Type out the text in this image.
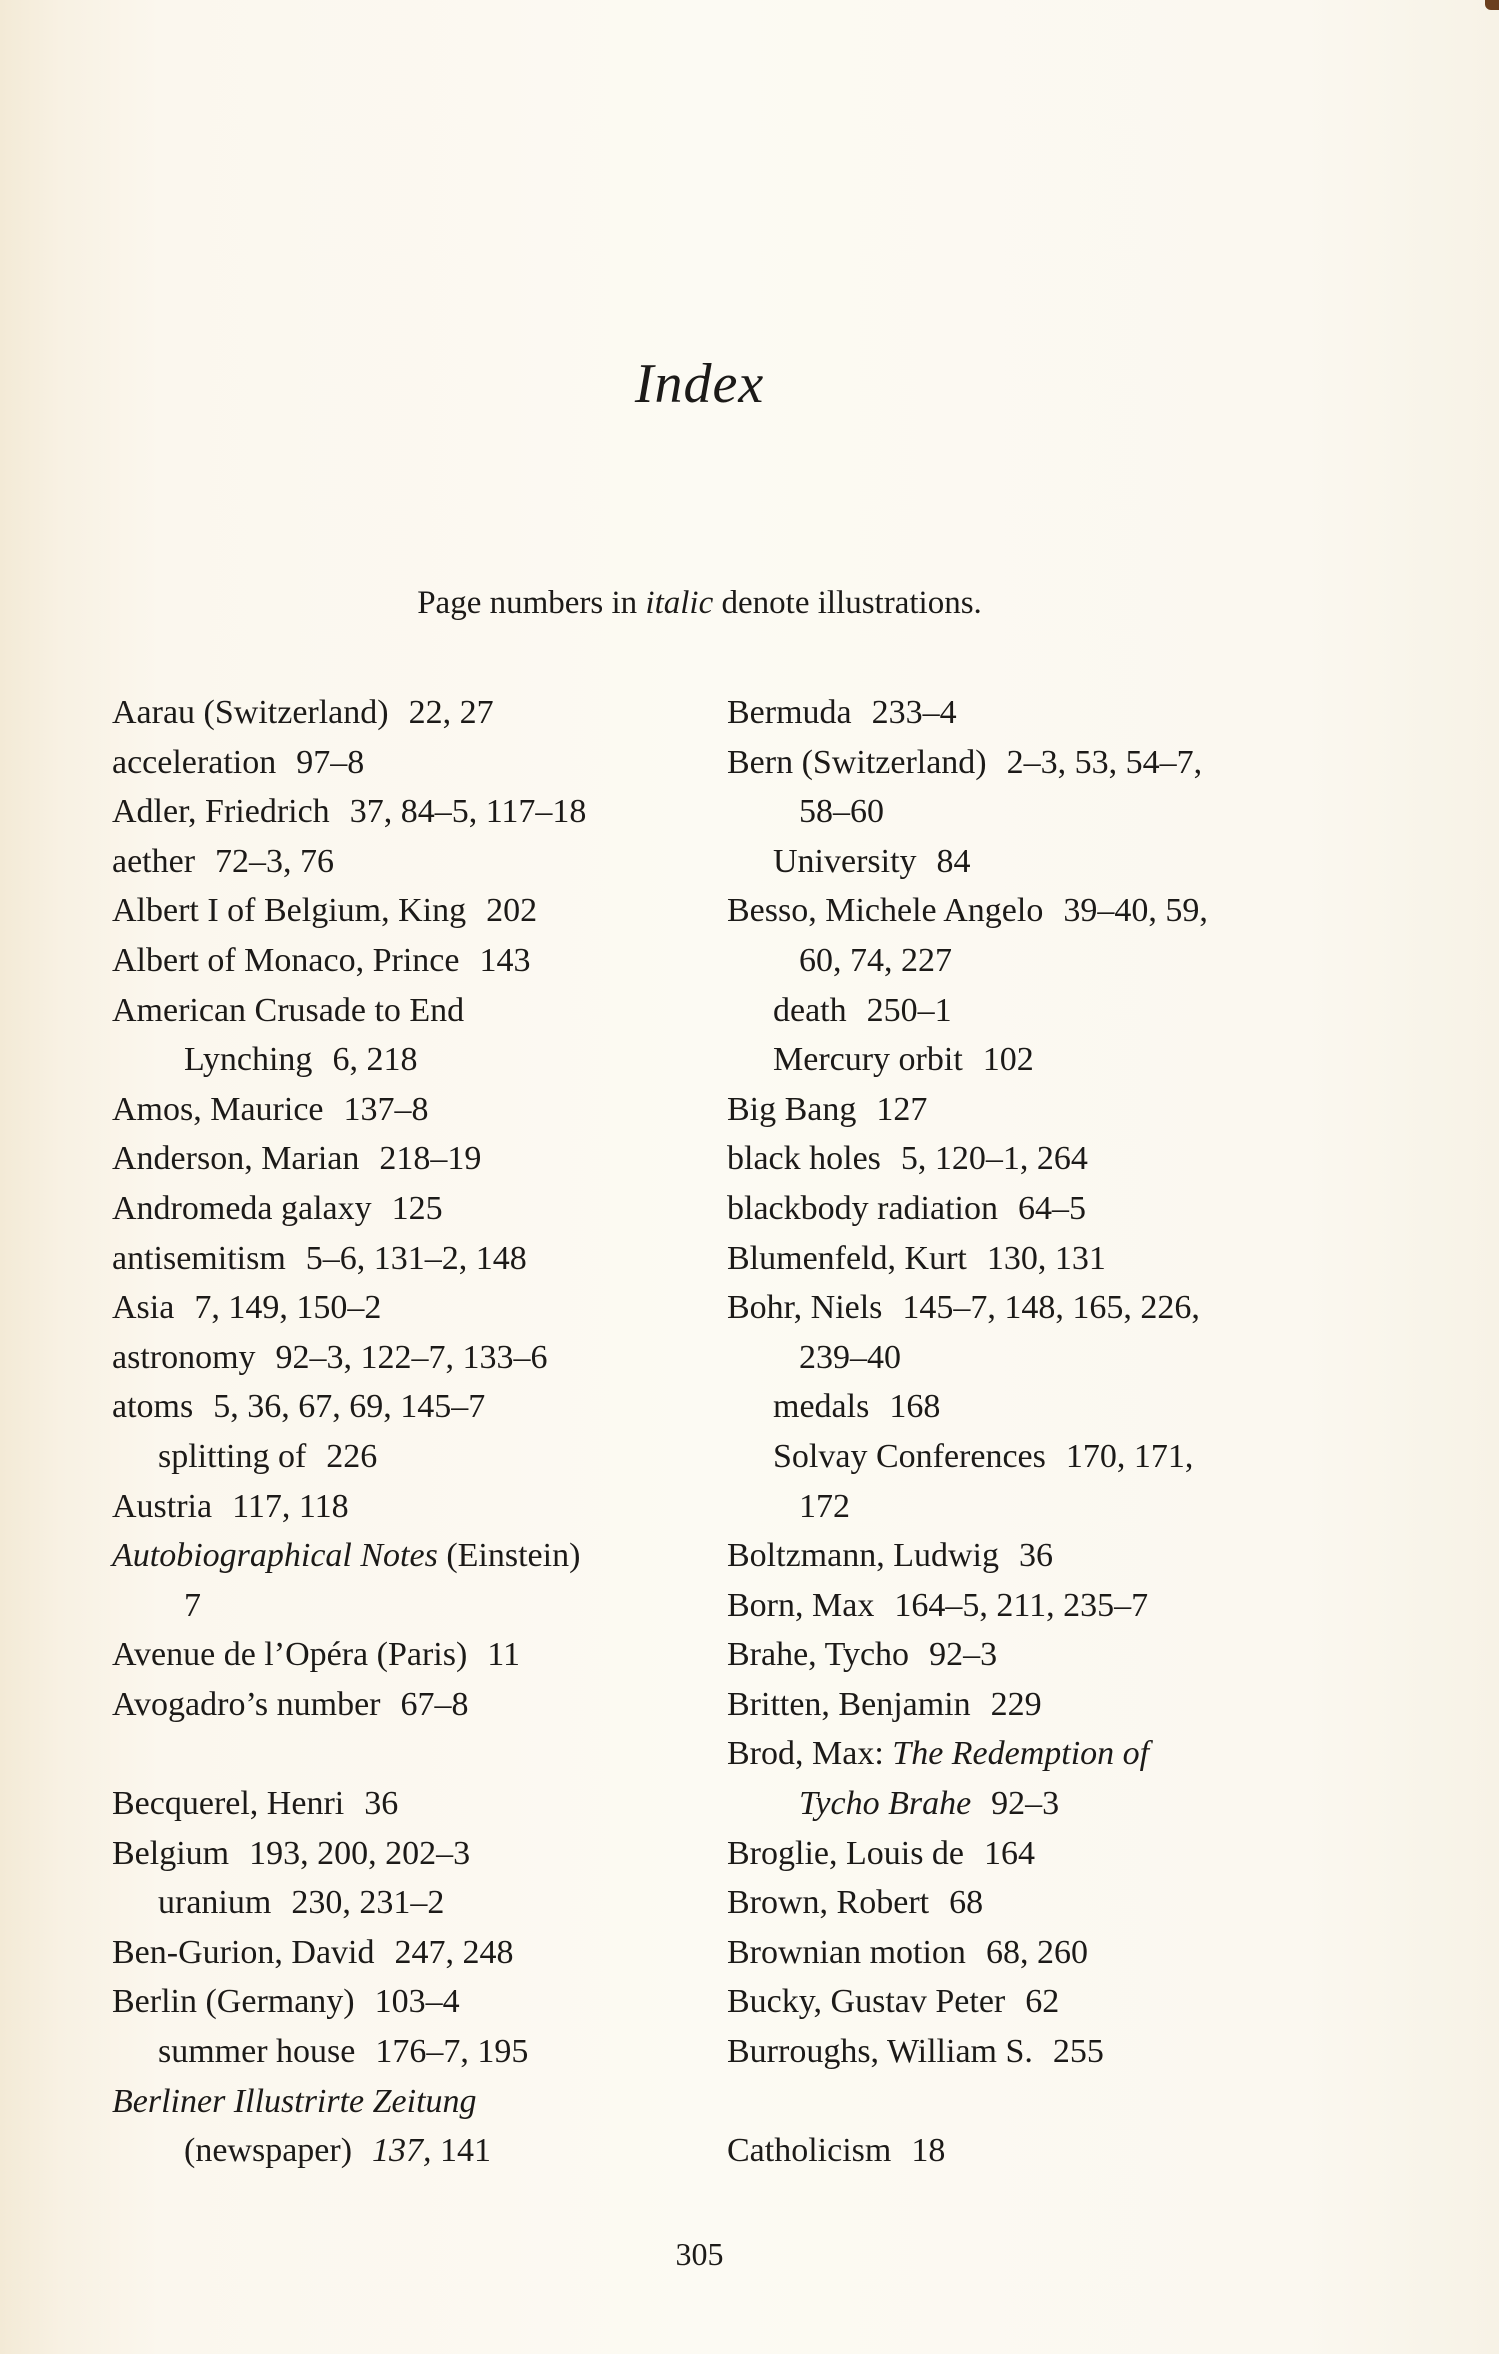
Index
Page numbers in italic denote illustrations.
Aarau (Switzerland) 22, 27
acceleration 97–8
Adler, Friedrich 37, 84–5, 117–18
aether 72–3, 76
Albert I of Belgium, King 202
Albert of Monaco, Prince 143
American Crusade to End
Lynching 6, 218
Amos, Maurice 137–8
Anderson, Marian 218–19
Andromeda galaxy 125
antisemitism 5–6, 131–2, 148
Asia 7, 149, 150–2
astronomy 92–3, 122–7, 133–6
atoms 5, 36, 67, 69, 145–7
splitting of 226
Austria 117, 118
Autobiographical Notes (Einstein)
7
Avenue de l’Opéra (Paris) 11
Avogadro’s number 67–8
Becquerel, Henri 36
Belgium 193, 200, 202–3
uranium 230, 231–2
Ben-Gurion, David 247, 248
Berlin (Germany) 103–4
summer house 176–7, 195
Berliner Illustrirte Zeitung
(newspaper) 137, 141
Bermuda 233–4
Bern (Switzerland) 2–3, 53, 54–7,
58–60
University 84
Besso, Michele Angelo 39–40, 59,
60, 74, 227
death 250–1
Mercury orbit 102
Big Bang 127
black holes 5, 120–1, 264
blackbody radiation 64–5
Blumenfeld, Kurt 130, 131
Bohr, Niels 145–7, 148, 165, 226,
239–40
medals 168
Solvay Conferences 170, 171,
172
Boltzmann, Ludwig 36
Born, Max 164–5, 211, 235–7
Brahe, Tycho 92–3
Britten, Benjamin 229
Brod, Max: The Redemption of
Tycho Brahe 92–3
Broglie, Louis de 164
Brown, Robert 68
Brownian motion 68, 260
Bucky, Gustav Peter 62
Burroughs, William S. 255
Catholicism 18
305
